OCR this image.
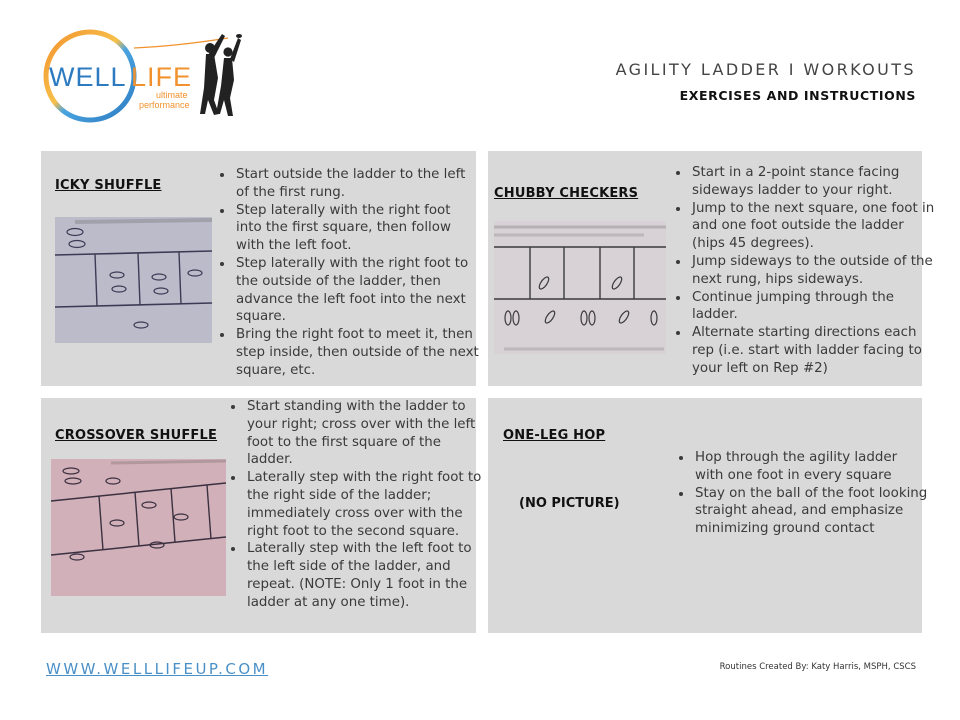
WELL LIFE
ultimate
performance
AGILITY LADDER I WORKOUTS
EXERCISES AND INSTRUCTIONS
ICKY SHUFFLE
• Start outside the ladder to the left of the first rung.
• Step laterally with the right foot into the first square, then follow with the left foot.
• Step laterally with the right foot to the outside of the ladder, then advance the left foot into the next square.
• Bring the right foot to meet it, then step inside, then outside of the next square, etc.
CHUBBY CHECKERS
• Start in a 2-point stance facing sideways ladder to your right.
• Jump to the next square, one foot in and one foot outside the ladder (hips 45 degrees).
• Jump sideways to the outside of the next rung, hips sideways.
• Continue jumping through the ladder.
• Alternate starting directions each rep (i.e. start with ladder facing to your left on Rep #2)
CROSSOVER SHUFFLE
• Start standing with the ladder to your right; cross over with the left foot to the first square of the ladder.
• Laterally step with the right foot to the right side of the ladder; immediately cross over with the right foot to the second square.
• Laterally step with the left foot to the left side of the ladder, and repeat. (NOTE: Only 1 foot in the ladder at any one time).
ONE-LEG HOP
(NO PICTURE)
• Hop through the agility ladder with one foot in every square
• Stay on the ball of the foot looking straight ahead, and emphasize minimizing ground contact
WWW.WELLLIFEUP.COM	Routines Created By: Katy Harris, MSPH, CSCS
